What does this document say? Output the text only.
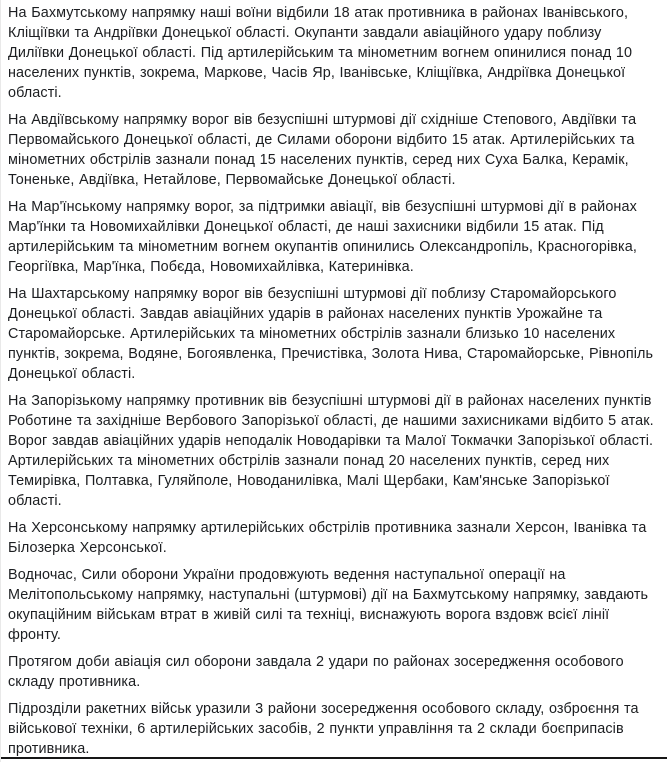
На Бахмутському напрямку наші воїни відбили 18 атак противника в районах Іванівського, Кліщіївки та Андріївки Донецької області. Окупанти завдали авіаційного удару поблизу Диліївки Донецької області. Під артилерійським та мінометним вогнем опинилися понад 10 населених пунктів, зокрема, Маркове, Часів Яр, Іванівське, Кліщіївка, Андріївка Донецької області.

На Авдіївському напрямку ворог вів безуспішні штурмові дії східніше Степового, Авдіївки та Первомайського Донецької області, де Силами оборони відбито 15 атак. Артилерійських та мінометних обстрілів зазнали понад 15 населених пунктів, серед них Суха Балка, Керамік, Тоненьке, Авдіївка, Нетайлове, Первомайське Донецької області.

На Мар'їнському напрямку ворог, за підтримки авіації, вів безуспішні штурмові дії в районах Мар'їнки та Новомихайлівки Донецької області, де наші захисники відбили 15 атак. Під артилерійським та мінометним вогнем окупантів опинились Олександропіль, Красногорівка, Георгіївка, Мар'їнка, Побєда, Новомихайлівка, Катеринівка.

На Шахтарському напрямку ворог вів безуспішні штурмові дії поблизу Старомайорського Донецької області. Завдав авіаційних ударів в районах населених пунктів Урожайне та Старомайорське. Артилерійських та мінометних обстрілів зазнали близько 10 населених пунктів, зокрема, Водяне, Богоявленка, Пречистівка, Золота Нива, Старомайорське, Рівнопіль Донецької області.

На Запорізькому напрямку противник вів безуспішні штурмові дії в районах населених пунктів Роботине та західніше Вербового Запорізької області, де нашими захисниками відбито 5 атак. Ворог завдав авіаційних ударів неподалік Новодарівки та Малої Токмачки Запорізької області. Артилерійських та мінометних обстрілів зазнали понад 20 населених пунктів, серед них Темирівка, Полтавка, Гуляйполе, Новоданилівка, Малі Щербаки, Кам'янське Запорізької області.

На Херсонському напрямку артилерійських обстрілів противника зазнали Херсон, Іванівка та Білозерка Херсонської.

Водночас, Сили оборони України продовжують ведення наступальної операції на Мелітопольському напрямку, наступальні (штурмові) дії на Бахмутському напрямку, завдають окупаційним військам втрат в живій силі та техніці, виснажують ворога вздовж всієї лінії фронту.

Протягом доби авіація сил оборони завдала 2 удари по районах зосередження особового складу противника.

Підрозділи ракетних військ уразили 3 райони зосередження особового складу, озброєння та військової техніки, 6 артилерійських засобів, 2 пункти управління та 2 склади боєприпасів противника.
